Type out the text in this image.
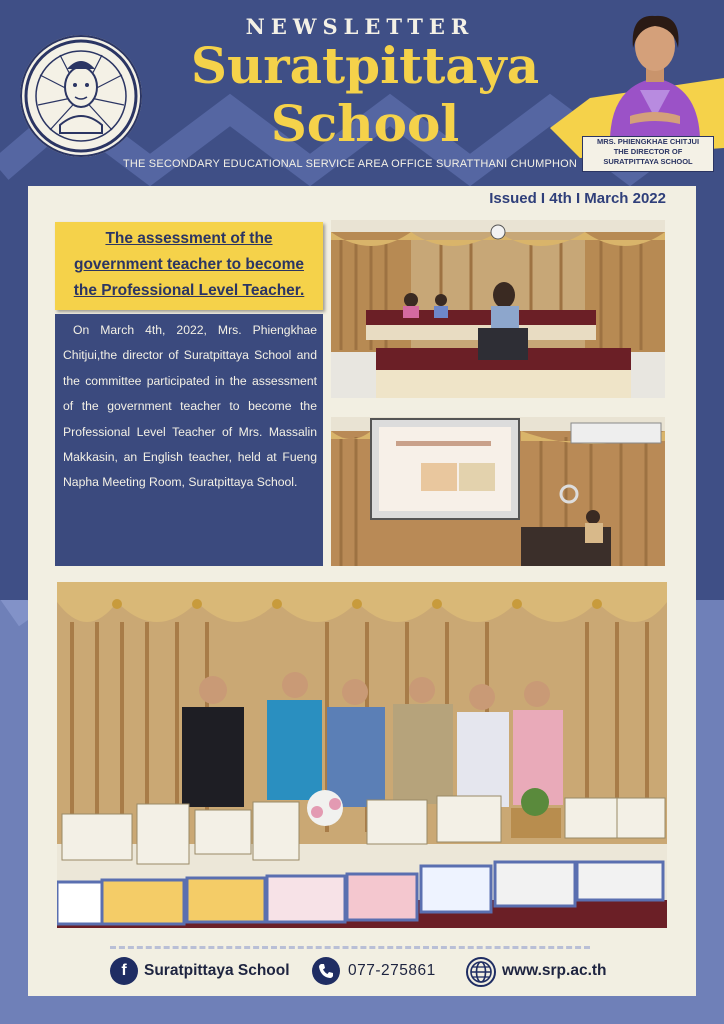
NEWSLETTER
Suratpittaya
School
THE SECONDARY EDUCATIONAL SERVICE AREA OFFICE SURATTHANI CHUMPHON
MRS. PHIENGKHAE CHITJUI
THE DIRECTOR OF
SURATPITTAYA SCHOOL
Issued I 4th I March 2022
The assessment of the
government teacher to become
the Professional Level Teacher.
On March 4th, 2022, Mrs. Phiengkhae Chitjui,the director of Suratpittaya School and the committee participated in the assessment of the government teacher to become the Professional Level Teacher of Mrs. Massalin Makkasin, an English teacher, held at Fueng Napha Meeting Room, Suratpittaya School.
f	Suratpittaya School	077-275861	www.srp.ac.th
